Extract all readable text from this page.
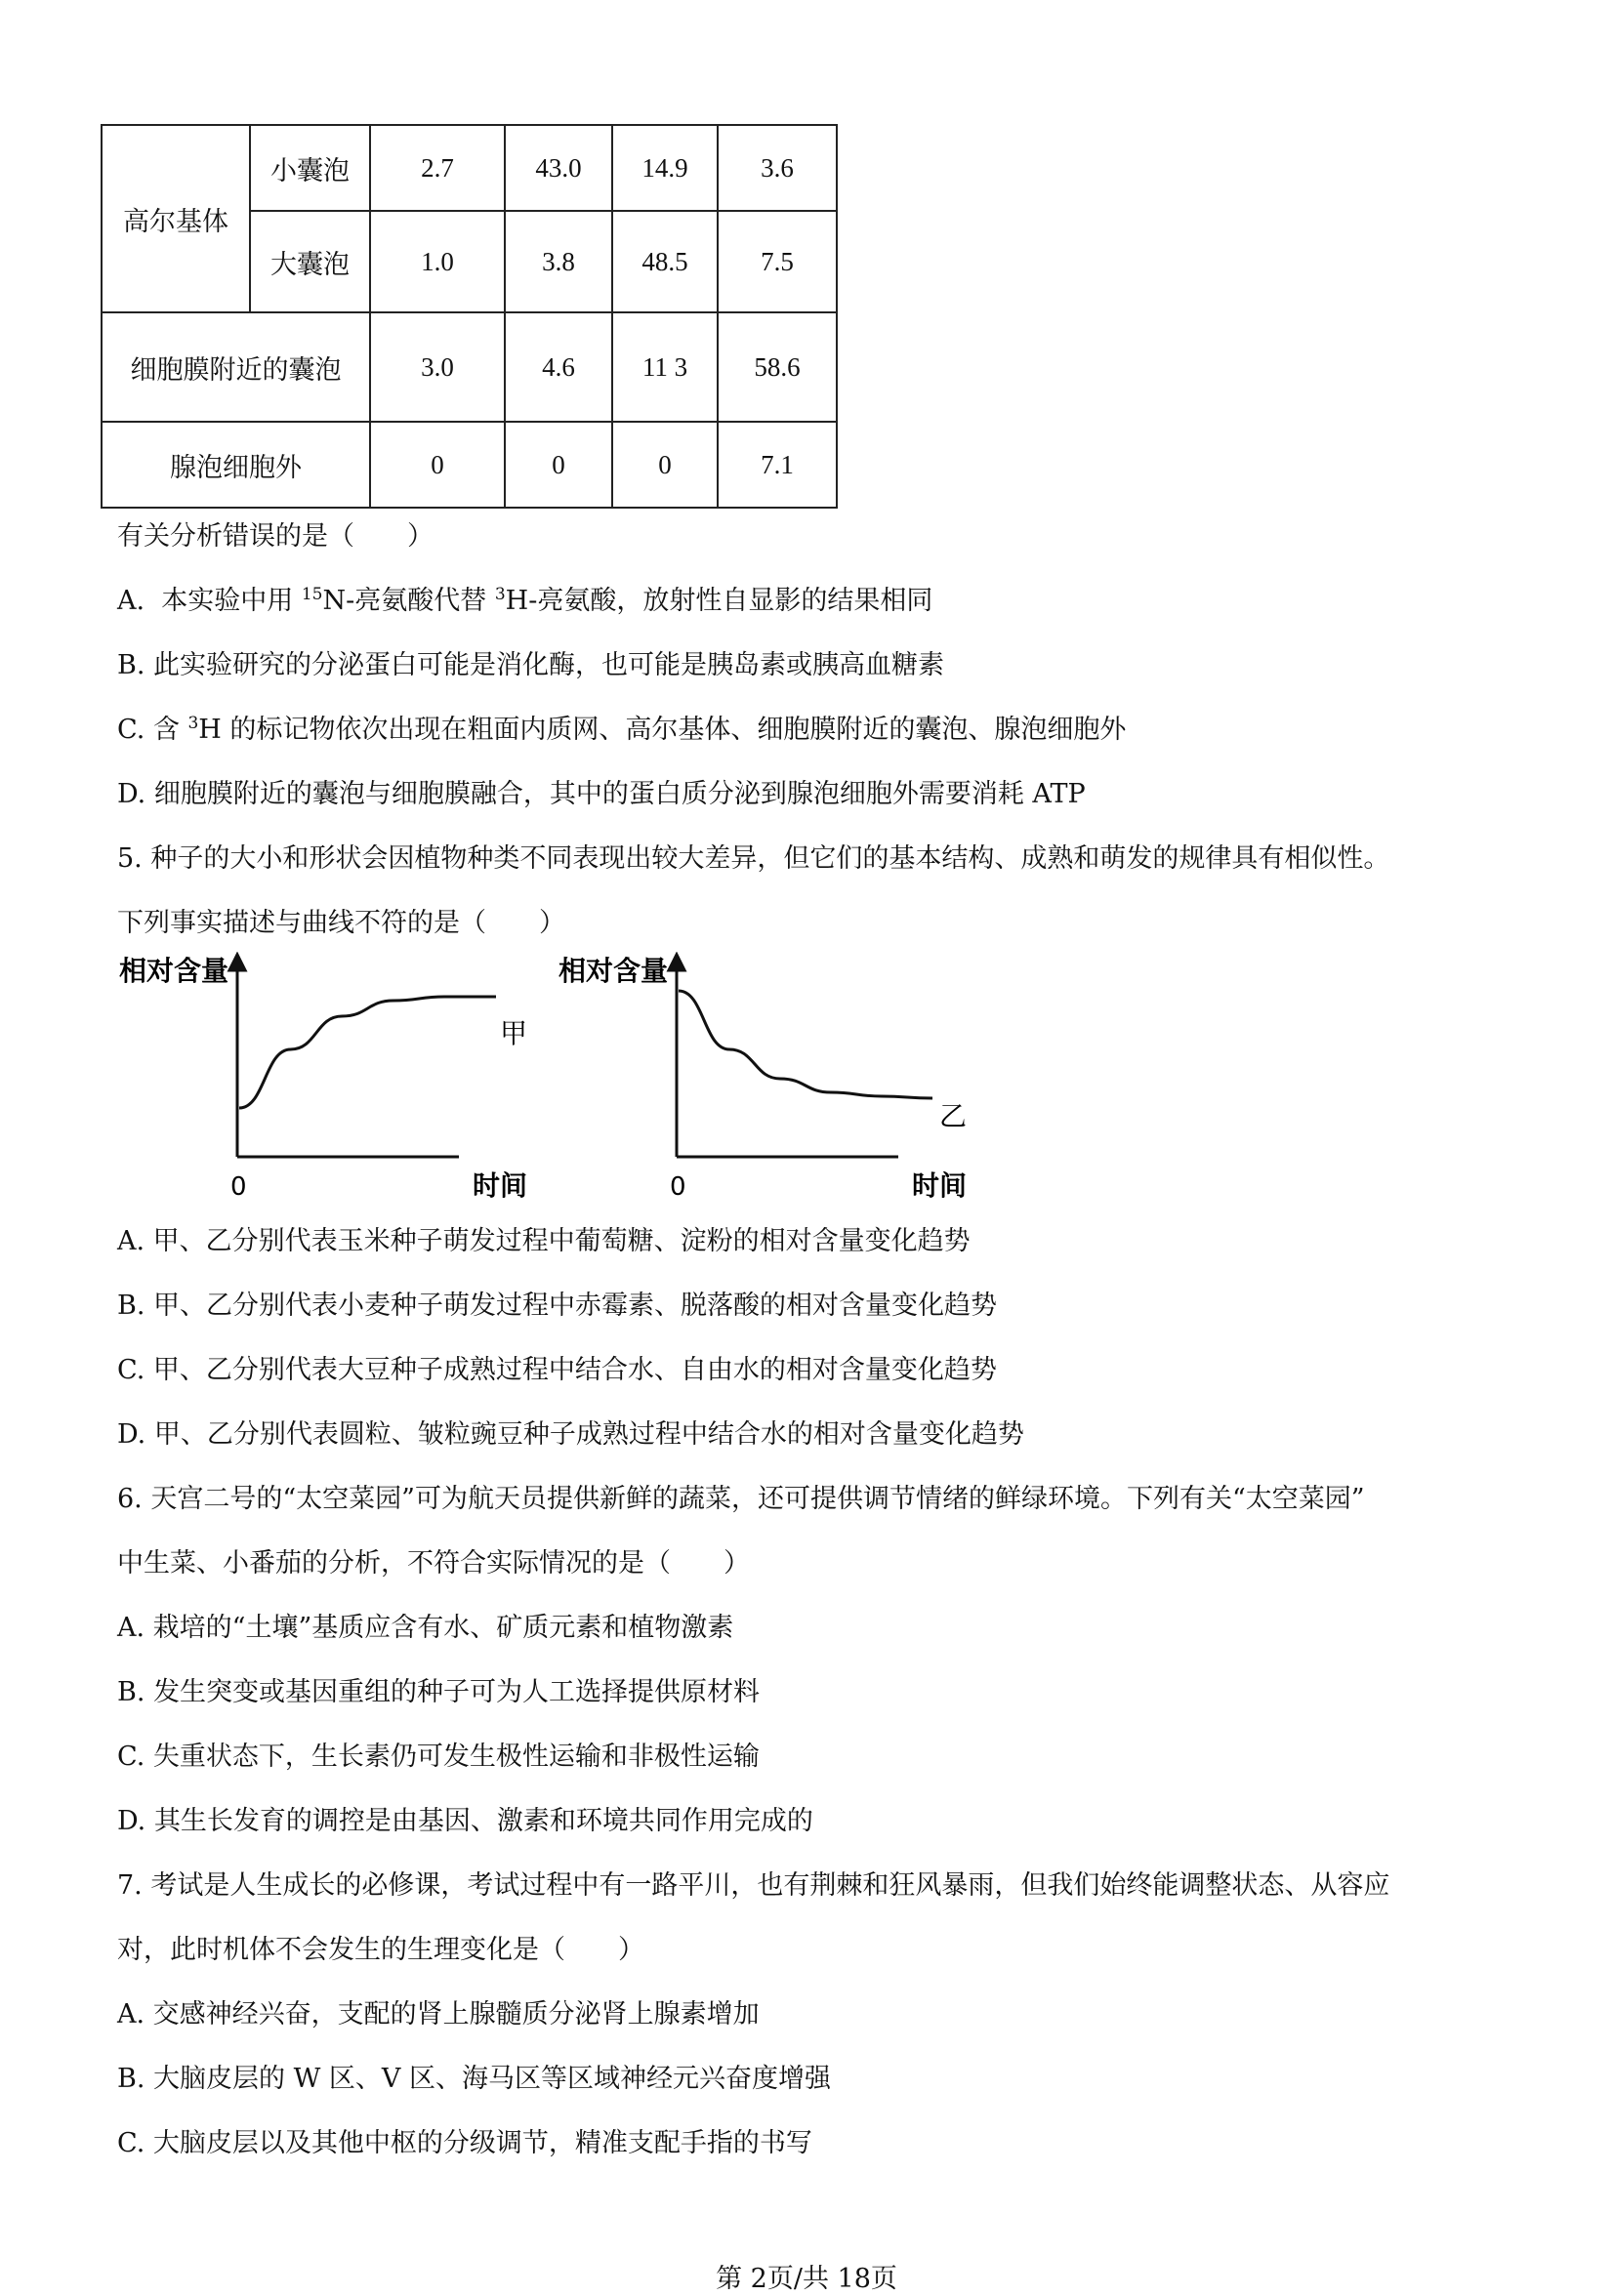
高尔基体	小囊泡	2.7	43.0	14.9	3.6
	大囊泡	1.0	3.8	48.5	7.5
细胞膜附近的囊泡		3.0	4.6	11 3	58.6
腺泡细胞外		0	0	0	7.1
有关分析错误的是（　　）
A. 本实验中用 $^{15}$N-亮氨酸代替 $^3$H-亮氨酸，放射性自显影的结果相同
B. 此实验研究的分泌蛋白可能是消化酶，也可能是胰岛素或胰高血糖素
C. 含 $^3$H 的标记物依次出现在粗面内质网、高尔基体、细胞膜附近的囊泡、腺泡细胞外
D. 细胞膜附近的囊泡与细胞膜融合，其中的蛋白质分泌到腺泡细胞外需要消耗 ATP
5. 种子的大小和形状会因植物种类不同表现出较大差异，但它们的基本结构、成熟和萌发的规律具有相似性。
下列事实描述与曲线不符的是（　　）
相对含量
0	时间
甲
相对含量
0	时间
乙
A. 甲、乙分别代表玉米种子萌发过程中葡萄糖、淀粉的相对含量变化趋势
B. 甲、乙分别代表小麦种子萌发过程中赤霉素、脱落酸的相对含量变化趋势
C. 甲、乙分别代表大豆种子成熟过程中结合水、自由水的相对含量变化趋势
D. 甲、乙分别代表圆粒、皱粒豌豆种子成熟过程中结合水的相对含量变化趋势
6. 天宫二号的“太空菜园”可为航天员提供新鲜的蔬菜，还可提供调节情绪的鲜绿环境。下列有关“太空菜园”
中生菜、小番茄的分析，不符合实际情况的是（　　）
A. 栽培的“土壤”基质应含有水、矿质元素和植物激素
B. 发生突变或基因重组的种子可为人工选择提供原材料
C. 失重状态下，生长素仍可发生极性运输和非极性运输
D. 其生长发育的调控是由基因、激素和环境共同作用完成的
7. 考试是人生成长的必修课，考试过程中有一路平川，也有荆棘和狂风暴雨，但我们始终能调整状态、从容应
对，此时机体不会发生的生理变化是（　　）
A. 交感神经兴奋，支配的肾上腺髓质分泌肾上腺素增加
B. 大脑皮层的 W 区、V 区、海马区等区域神经元兴奋度增强
C. 大脑皮层以及其他中枢的分级调节，精准支配手指的书写
第 2页/共 18页
